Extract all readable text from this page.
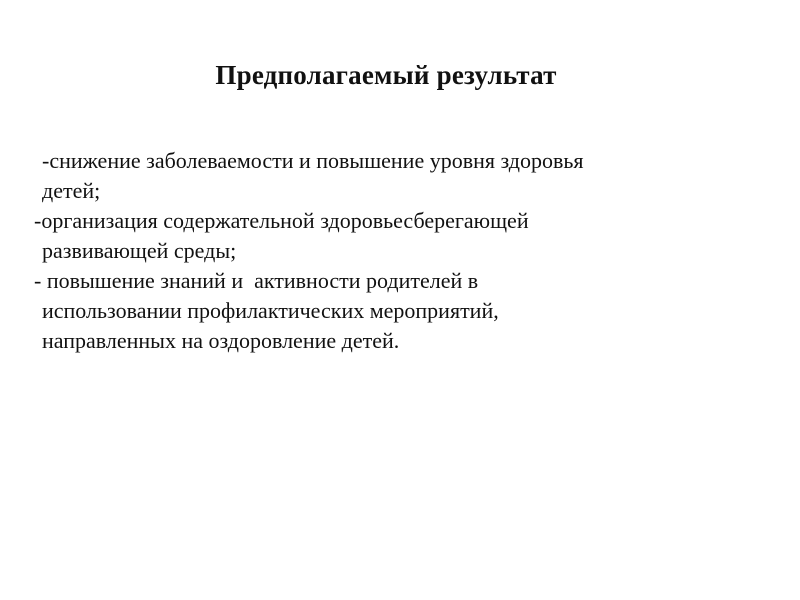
Предполагаемый результат
-снижение заболеваемости и повышение уровня здоровья
детей;
-организация содержательной здоровьесберегающей
развивающей среды;
- повышение знаний и  активности родителей в
использовании профилактических мероприятий,
направленных на оздоровление детей.
